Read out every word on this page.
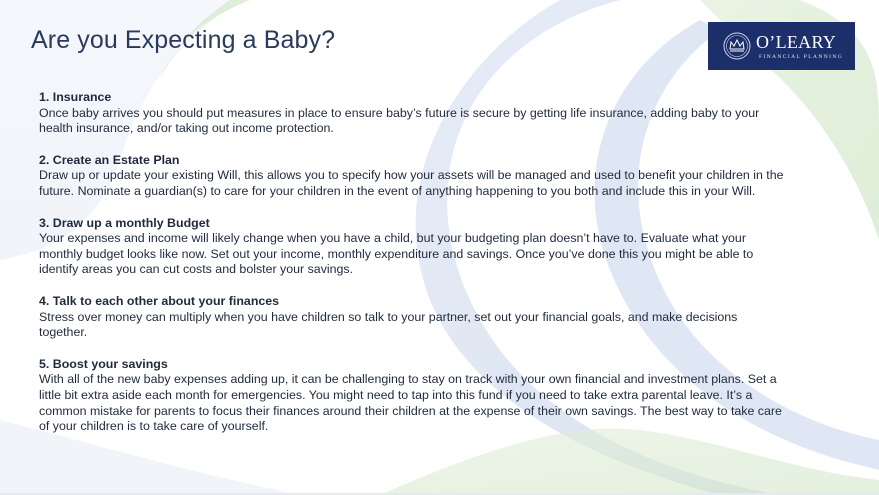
Are you Expecting a Baby?	O’LEARY
FINANCIAL PLANNING
1. Insurance
Once baby arrives you should put measures in place to ensure baby’s future is secure by getting life insurance, adding baby to your health insurance, and/or taking out income protection.
2. Create an Estate Plan
Draw up or update your existing Will, this allows you to specify how your assets will be managed and used to benefit your children in the future. Nominate a guardian(s) to care for your children in the event of anything happening to you both and include this in your Will.
3. Draw up a monthly Budget
Your expenses and income will likely change when you have a child, but your budgeting plan doesn’t have to. Evaluate what your monthly budget looks like now. Set out your income, monthly expenditure and savings. Once you’ve done this you might be able to identify areas you can cut costs and bolster your savings.
4. Talk to each other about your finances
Stress over money can multiply when you have children so talk to your partner, set out your financial goals, and make decisions together.
5. Boost your savings
With all of the new baby expenses adding up, it can be challenging to stay on track with your own financial and investment plans. Set a little bit extra aside each month for emergencies. You might need to tap into this fund if you need to take extra parental leave. It’s a common mistake for parents to focus their finances around their children at the expense of their own savings. The best way to take care of your children is to take care of yourself.
